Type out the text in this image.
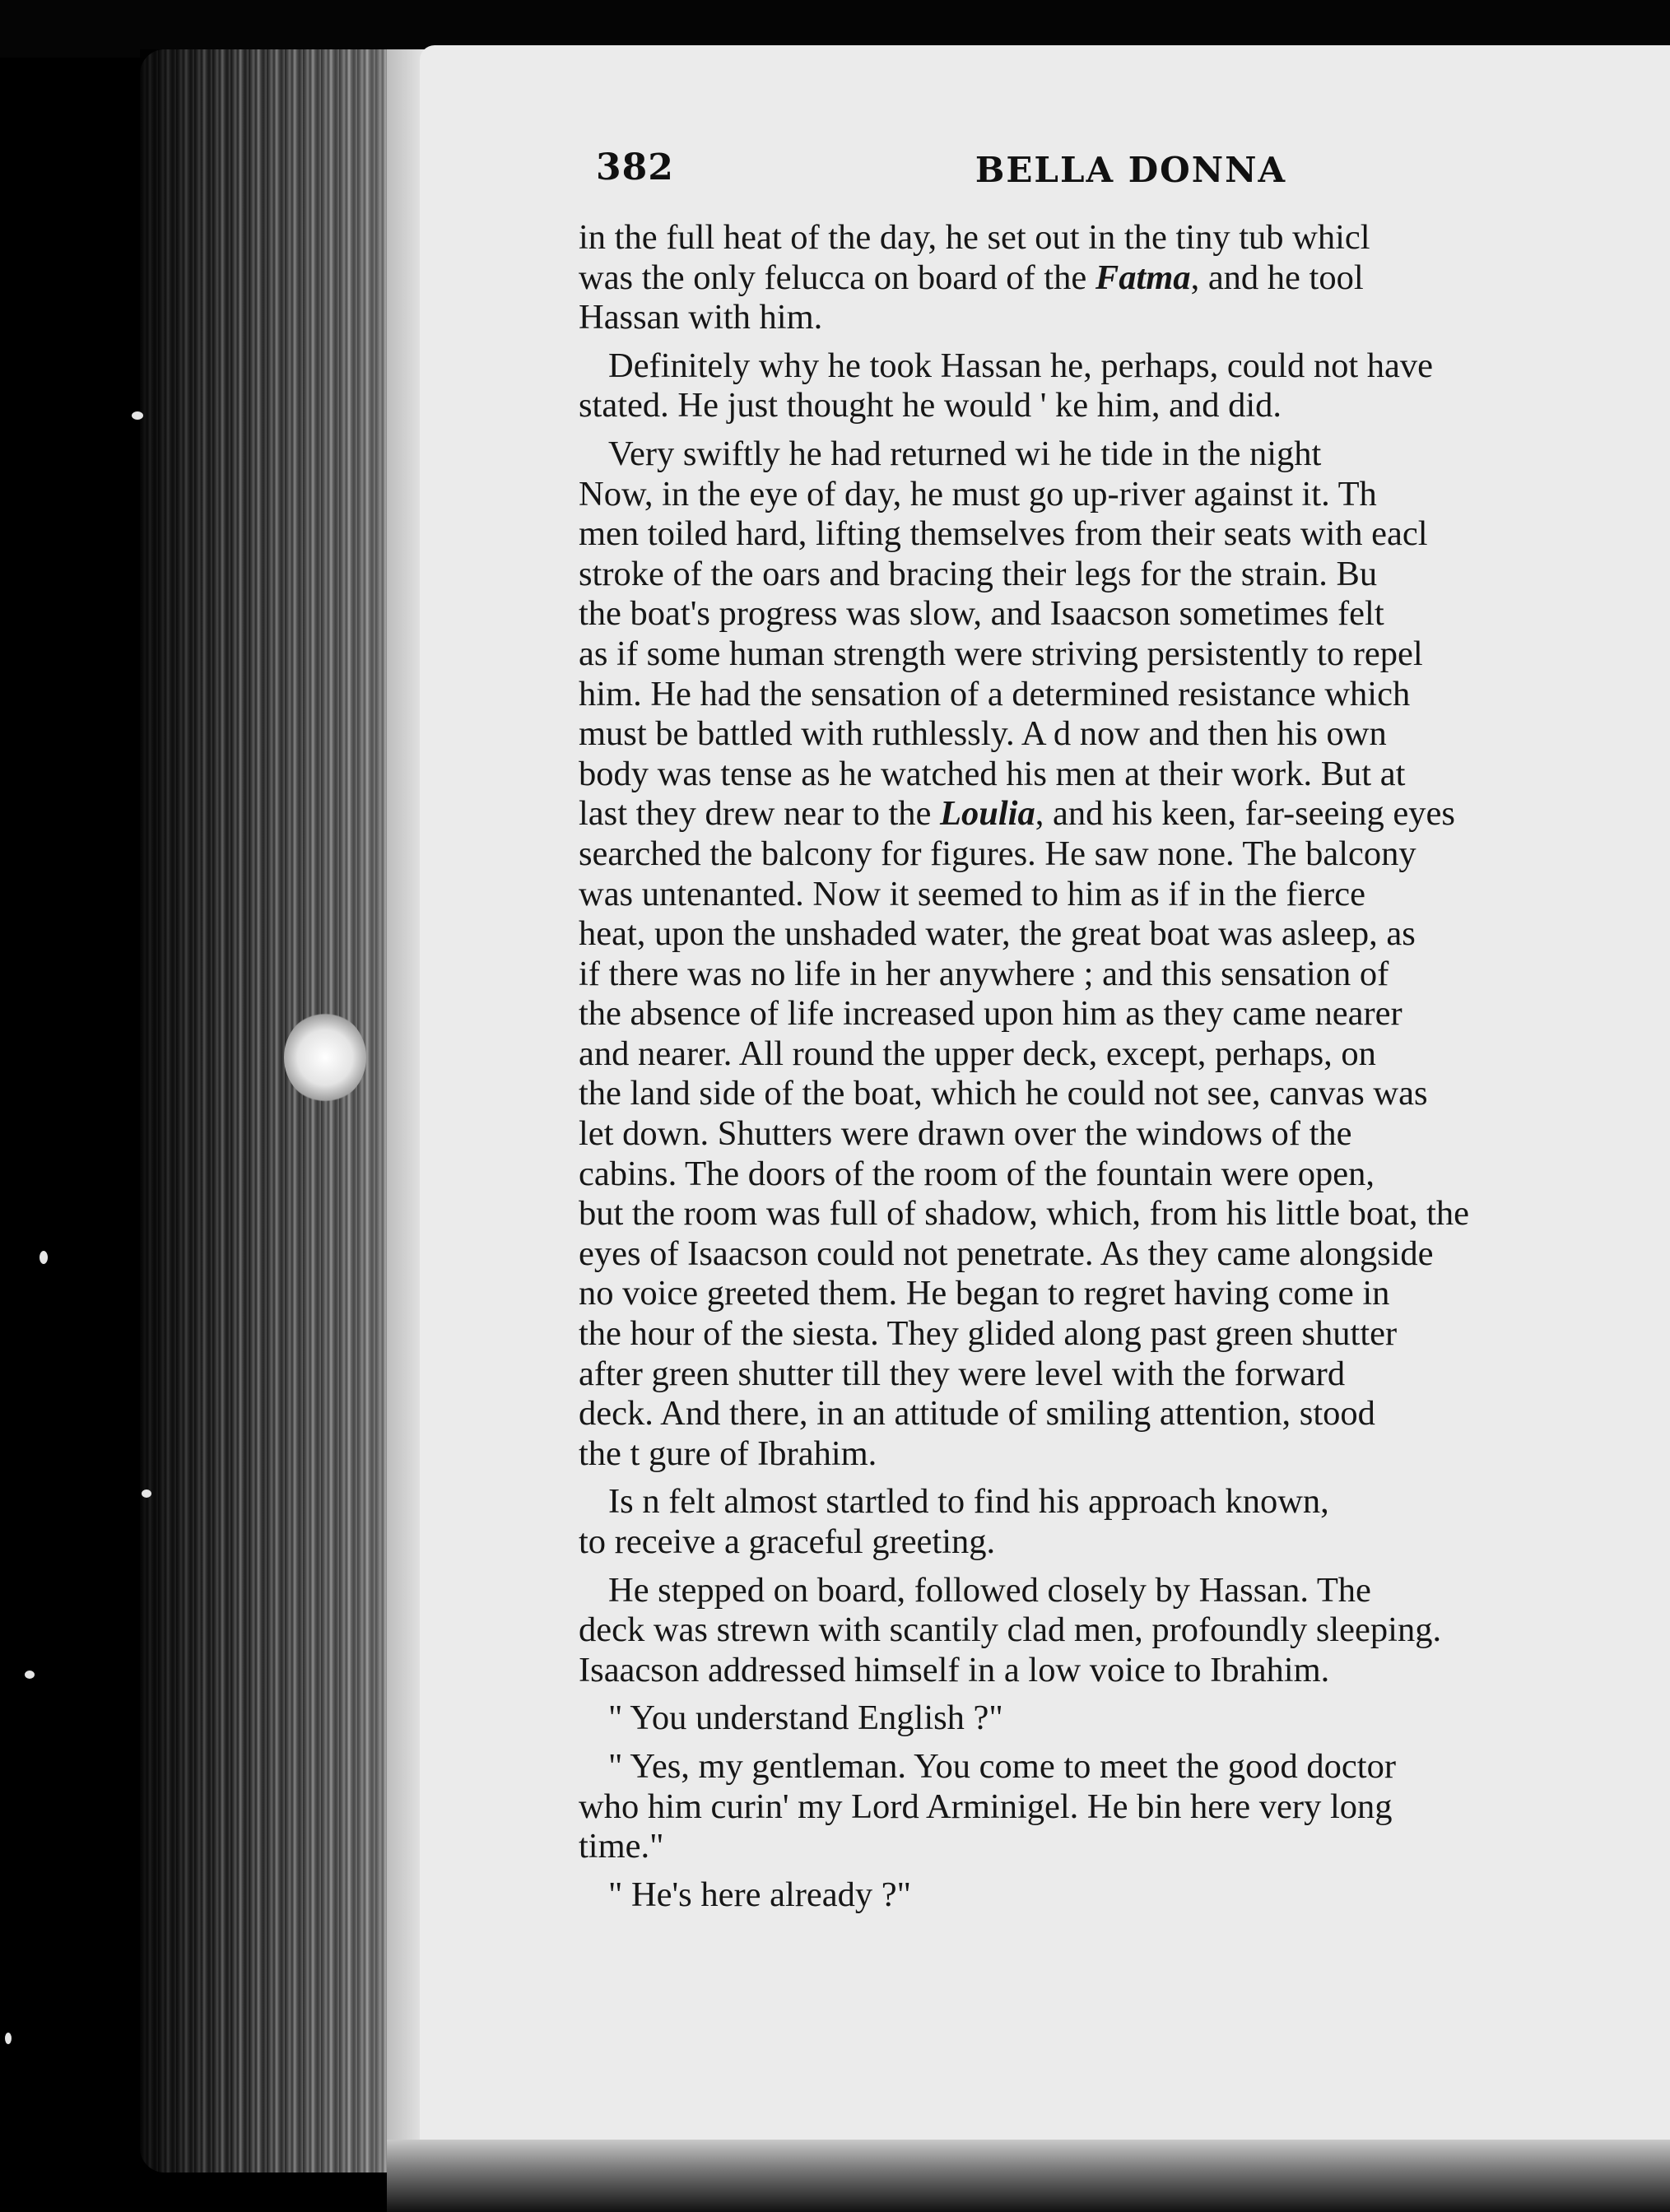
382	BELLA DONNA
in the full heat of the day, he set out in the tiny tub whicl
was the only felucca on board of the Fatma, and he tool
Hassan with him.
Definitely why he took Hassan he, perhaps, could not have
stated. He just thought he would ' ke him, and did.
Very swiftly he had returned wi he tide in the night
Now, in the eye of day, he must go up-river against it. Th
men toiled hard, lifting themselves from their seats with eacl
stroke of the oars and bracing their legs for the strain. Bu
the boat's progress was slow, and Isaacson sometimes felt
as if some human strength were striving persistently to repel
him. He had the sensation of a determined resistance which
must be battled with ruthlessly. A d now and then his own
body was tense as he watched his men at their work. But at
last they drew near to the Loulia, and his keen, far-seeing eyes
searched the balcony for figures. He saw none. The balcony
was untenanted. Now it seemed to him as if in the fierce
heat, upon the unshaded water, the great boat was asleep, as
if there was no life in her anywhere ; and this sensation of
the absence of life increased upon him as they came nearer
and nearer. All round the upper deck, except, perhaps, on
the land side of the boat, which he could not see, canvas was
let down. Shutters were drawn over the windows of the
cabins. The doors of the room of the fountain were open,
but the room was full of shadow, which, from his little boat, the
eyes of Isaacson could not penetrate. As they came alongside
no voice greeted them. He began to regret having come in
the hour of the siesta. They glided along past green shutter
after green shutter till they were level with the forward
deck. And there, in an attitude of smiling attention, stood
the t gure of Ibrahim.
Is n felt almost startled to find his approach known,
to receive a graceful greeting.
He stepped on board, followed closely by Hassan. The
deck was strewn with scantily clad men, profoundly sleeping.
Isaacson addressed himself in a low voice to Ibrahim.
" You understand English ?"
" Yes, my gentleman. You come to meet the good doctor
who him curin' my Lord Arminigel. He bin here very long
time."
" He's here already ?"
